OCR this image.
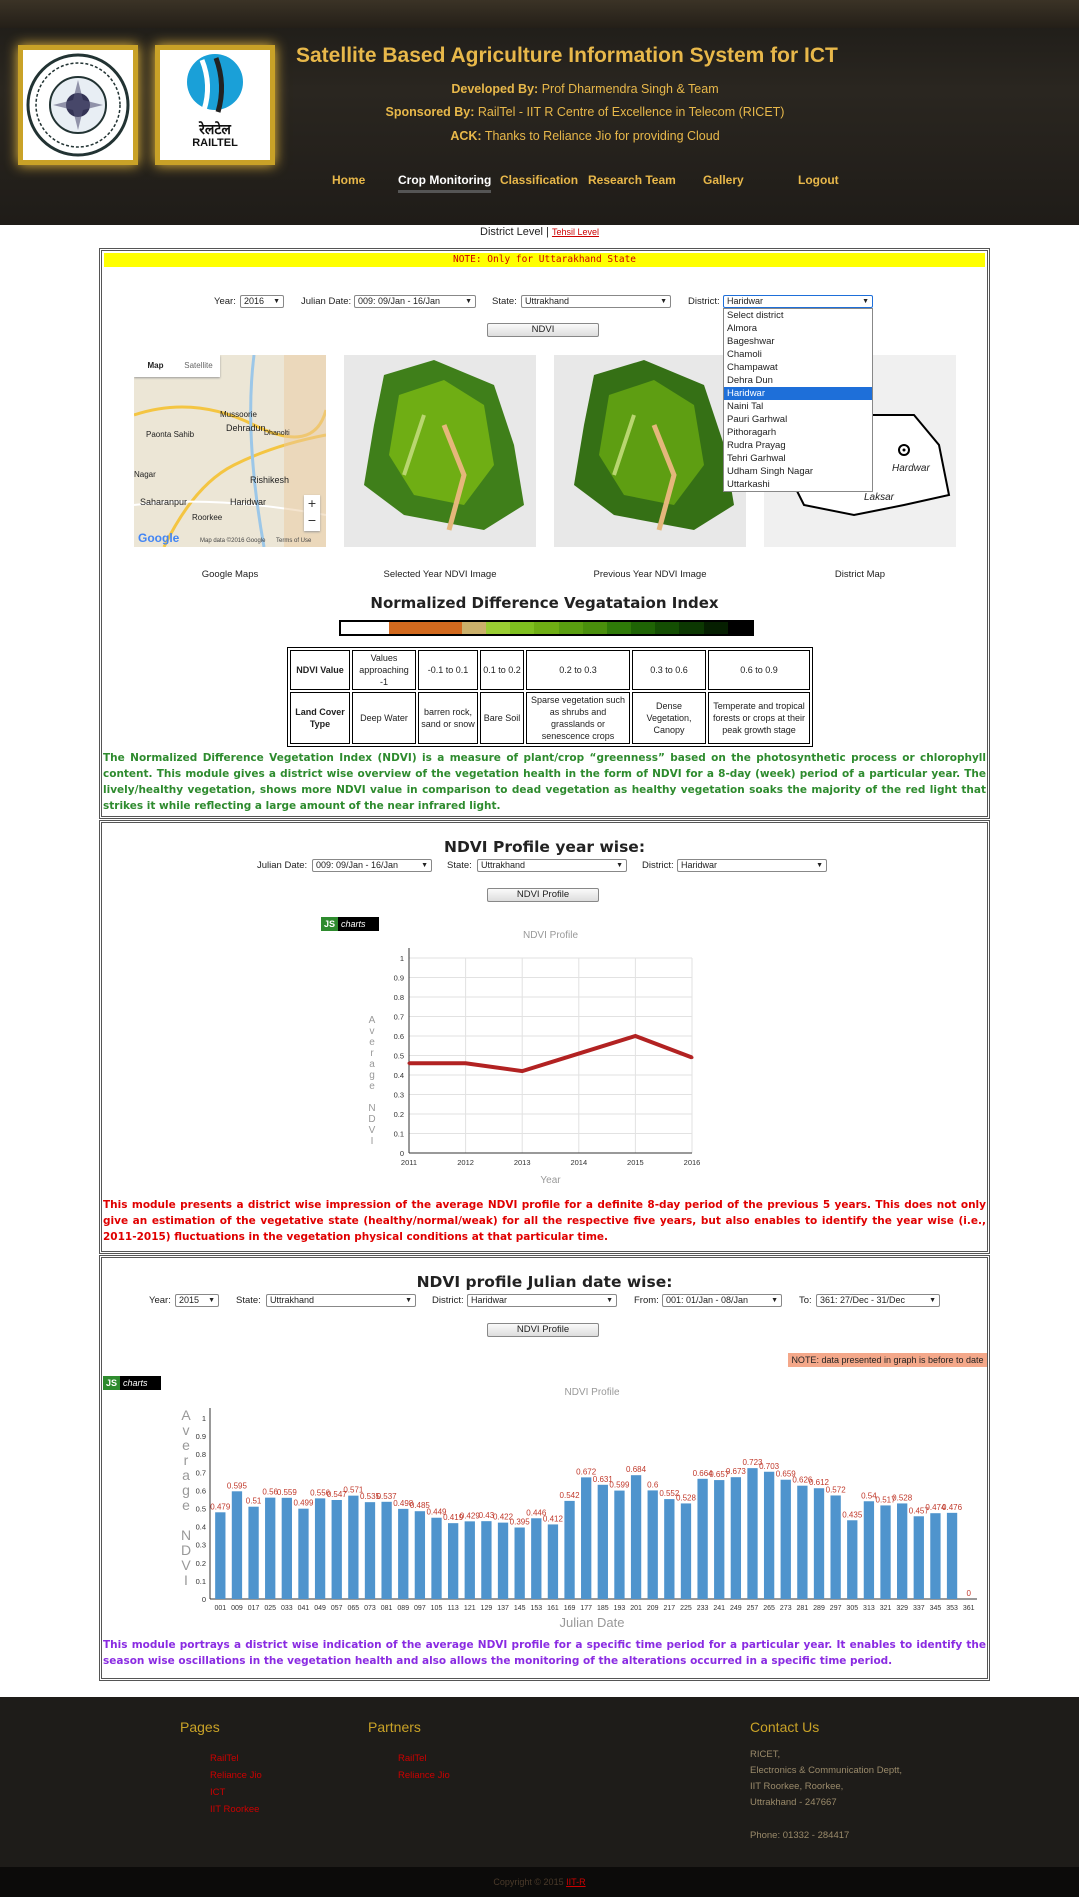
रेलटेल
RAILTEL
Satellite Based Agriculture Information System for ICT
Developed By: Prof Dharmendra Singh & Team
Sponsored By: RailTel - IIT R Centre of Excellence in Telecom (RICET)
ACK: Thanks to Reliance Jio for providing Cloud
Home	Crop Monitoring Classification Research Team Gallery	Logout
District Level | Tehsil Level
NOTE: Only for Uttarakhand State
Year: 2016 ▼ Julian Date: 009: 09/Jan - 16/Jan	▼ State: Uttrakhand	▼ District: Haridwar	▼
Select district
Almora
Bageshwar
Chamoli
Champawat
Dehra Dun
Haridwar
Naini Tal
Pauri Garhwal
Pithoragarh
Rudra Prayag
Tehri Garhwal
Udham Singh Nagar
Uttarkashi
NDVI
Map	Satellite
Mussoorie
Dehradun
Paonta Sahib	Dhanolti
Nagar
Rishikesh
Saharanpur	Haridwar
Roorkee
+
−
Google	Map data ©2016 Google Terms of Use
Hardwar
Laksar
Google Maps	Selected Year NDVI Image	Previous Year NDVI Image	District Map
Normalized Difference Vegatataion Index
NDVI Value	Values approaching -1	-0.1 to 0.1	0.1 to 0.2	0.2 to 0.3	0.3 to 0.6	0.6 to 0.9
Land Cover Type	Deep Water	barren rock, sand or snow	Bare Soil	Sparse vegetation such as shrubs and grasslands or senescence crops	Dense Vegetation, Canopy	Temperate and tropical forests or crops at their peak growth stage
The Normalized Difference Vegetation Index (NDVI) is a measure of plant/crop “greenness” based on the photosynthetic process or chlorophyll content. This module gives a district wise overview of the vegetation health in the form of NDVI for a 8-day (week) period of a particular year. The lively/healthy vegetation, shows more NDVI value in comparison to dead vegetation as healthy vegetation soaks the majority of the red light that strikes it while reflecting a large amount of the near infrared light.
NDVI Profile year wise:
Julian Date: 009: 09/Jan - 16/Jan	▼ State:	Uttrakhand	▼ District: Haridwar	▼
NDVI Profile
JS charts
NDVI Profile
0
0.1
0.2
0.3
0.4
0.5
0.6
0.7
0.8
0.9
1
2011	2012	2013	2014	2015	2016
Year
A v e r a g e N D V I
This module presents a district wise impression of the average NDVI profile for a definite 8-day period of the previous 5 years. This does not only give an estimation of the vegetative state (healthy/normal/weak) for all the respective five years, but also enables to identify the year wise (i.e., 2011-2015) fluctuations in the vegetation physical conditions at that particular time.
NDVI profile Julian date wise:
Year: 2015 ▼ State:	Uttrakhand	▼ District: Haridwar	▼ From: 001: 01/Jan - 08/Jan	▼ To: 361: 27/Dec - 31/Dec	▼
NDVI Profile
NOTE: data presented in graph is before to date
JS charts
NDVI Profile
0
0.1
0.2
0.3
0.4
0.5
0.6
0.7
0.8
0.9
1
0.479
001
0.595
009
0.51
017
0.56
025
0.559
033
0.499
041
0.556
049
0.547
057
0.571
065
0.535
073
0.537
081
0.498
089
0.485
097
0.449
105
0.419
113
0.429
121
0.43
129
0.422
137
0.395
145
0.446
153
0.412
161
0.542
169
0.672
177
0.631
185
0.599
193
0.684
201
0.6
209
0.552
217
0.528
225
0.664
233
0.657
241
0.673
249
0.723
257
0.703
265
0.659
273
0.626
281
0.612
289
0.572
297
0.435
305
0.54
313
0.517
321
0.528
329
0.457
337
0.474
345
0.476
353
0
361
Julian Date
A v e r a g e N D V I
This module portrays a district wise indication of the average NDVI profile for a specific time period for a particular year. It enables to identify the season wise oscillations in the vegetation health and also allows the monitoring of the alterations occurred in a specific time period.
Pages
RailTel
Reliance Jio
ICT
IIT Roorkee
Partners
RailTel
Reliance Jio
Contact Us
RICET,
Electronics & Communication Deptt,
IIT Roorkee, Roorkee,
Uttrakhand - 247667
Phone: 01332 - 284417
Copyright © 2015 IIT-R
